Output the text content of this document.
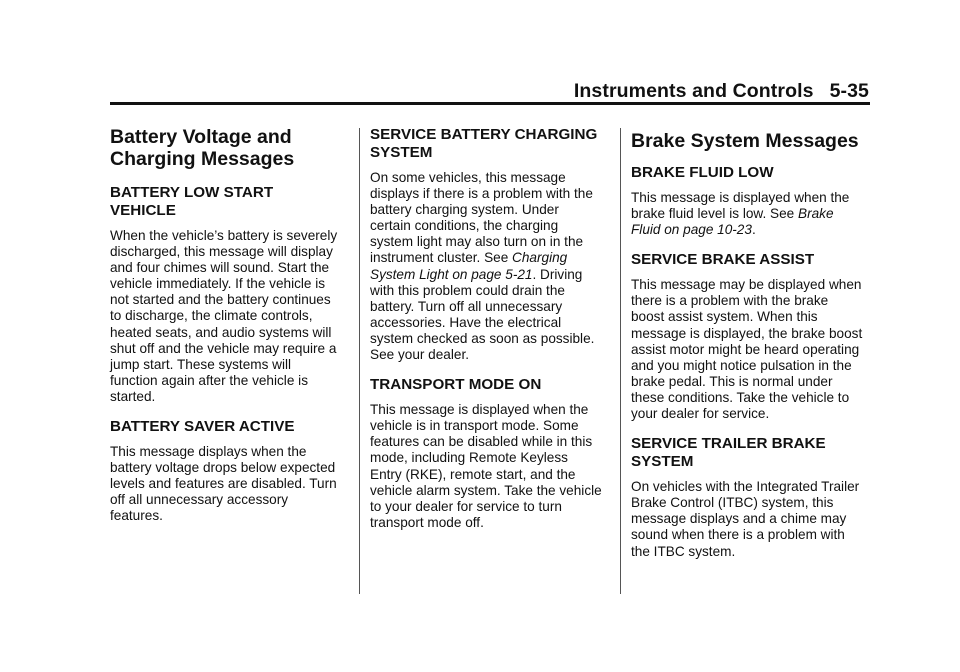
Instruments and Controls 5-35
Battery Voltage and Charging Messages
BATTERY LOW START VEHICLE

When the vehicle’s battery is severely discharged, this message will display and four chimes will sound. Start the vehicle immediately. If the vehicle is not started and the battery continues to discharge, the climate controls, heated seats, and audio systems will shut off and the vehicle may require a jump start. These systems will function again after the vehicle is started.

BATTERY SAVER ACTIVE

This message displays when the battery voltage drops below expected levels and features are disabled. Turn off all unnecessary accessory features.

SERVICE BATTERY CHARGING SYSTEM

On some vehicles, this message displays if there is a problem with the battery charging system. Under certain conditions, the charging system light may also turn on in the instrument cluster. See Charging System Light on page 5-21. Driving with this problem could drain the battery. Turn off all unnecessary accessories. Have the electrical system checked as soon as possible. See your dealer.

TRANSPORT MODE ON

This message is displayed when the vehicle is in transport mode. Some features can be disabled while in this mode, including Remote Keyless Entry (RKE), remote start, and the vehicle alarm system. Take the vehicle to your dealer for service to turn transport mode off.

Brake System Messages
BRAKE FLUID LOW

This message is displayed when the brake fluid level is low. See Brake Fluid on page 10-23.

SERVICE BRAKE ASSIST

This message may be displayed when there is a problem with the brake boost assist system. When this message is displayed, the brake boost assist motor might be heard operating and you might notice pulsation in the brake pedal. This is normal under these conditions. Take the vehicle to your dealer for service.

SERVICE TRAILER BRAKE SYSTEM

On vehicles with the Integrated Trailer Brake Control (ITBC) system, this message displays and a chime may sound when there is a problem with the ITBC system.
